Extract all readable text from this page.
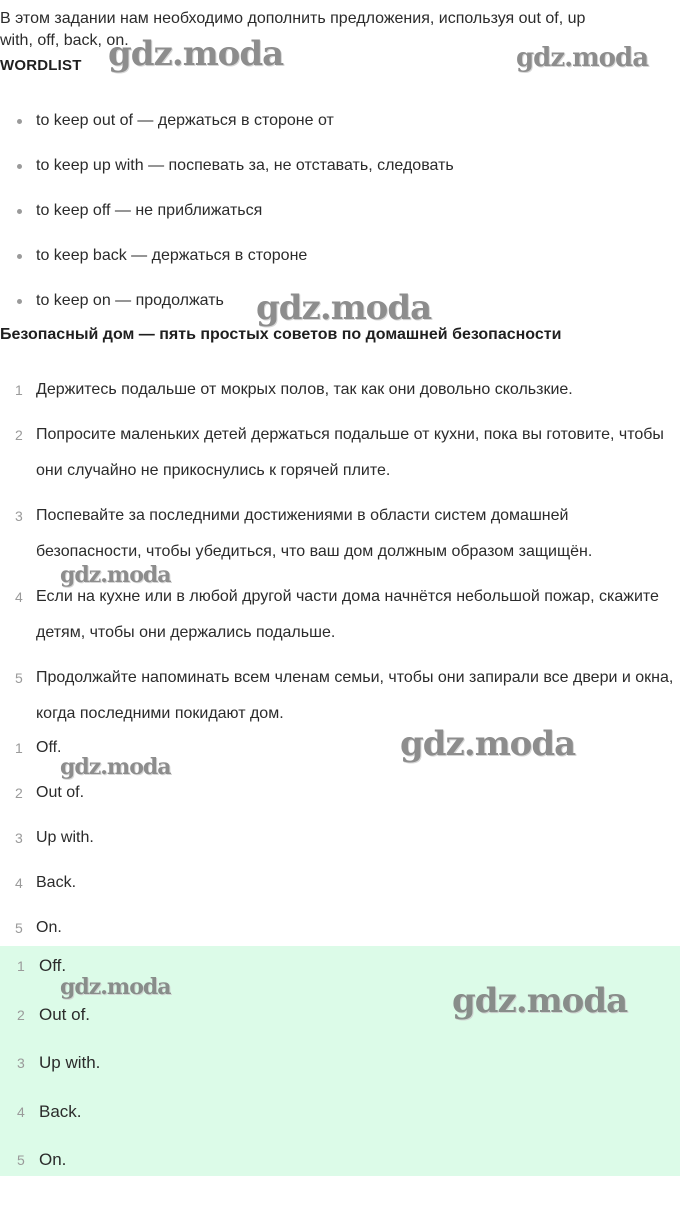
В этом задании нам необходимо дополнить предложения, используя out of, up
with, off, back, on.
WORDLIST
to keep out of — держаться в стороне от
to keep up with — поспевать за, не отставать, следовать
to keep off — не приближаться
to keep back — держаться в стороне
to keep on — продолжать
Безопасный дом — пять простых советов по домашней безопасности
1 Держитесь подальше от мокрых полов, так как они довольно скользкие.
2 Попросите маленьких детей держаться подальше от кухни, пока вы готовите, чтобы они случайно не прикоснулись к горячей плите.
3 Поспевайте за последними достижениями в области систем домашней безопасности, чтобы убедиться, что ваш дом должным образом защищён.
4 Если на кухне или в любой другой части дома начнётся небольшой пожар, скажите детям, чтобы они держались подальше.
5 Продолжайте напоминать всем членам семьи, чтобы они запирали все двери и окна, когда последними покидают дом.
1 Off.
2 Out of.
3 Up with.
4 Back.
5 On.
1 Off.
2 Out of.
3 Up with.
4 Back.
5 On.
gdz.moda	gdz.moda
gdz.moda
gdz.moda
gdz.moda
gdz.moda
gdz.moda	gdz.moda
